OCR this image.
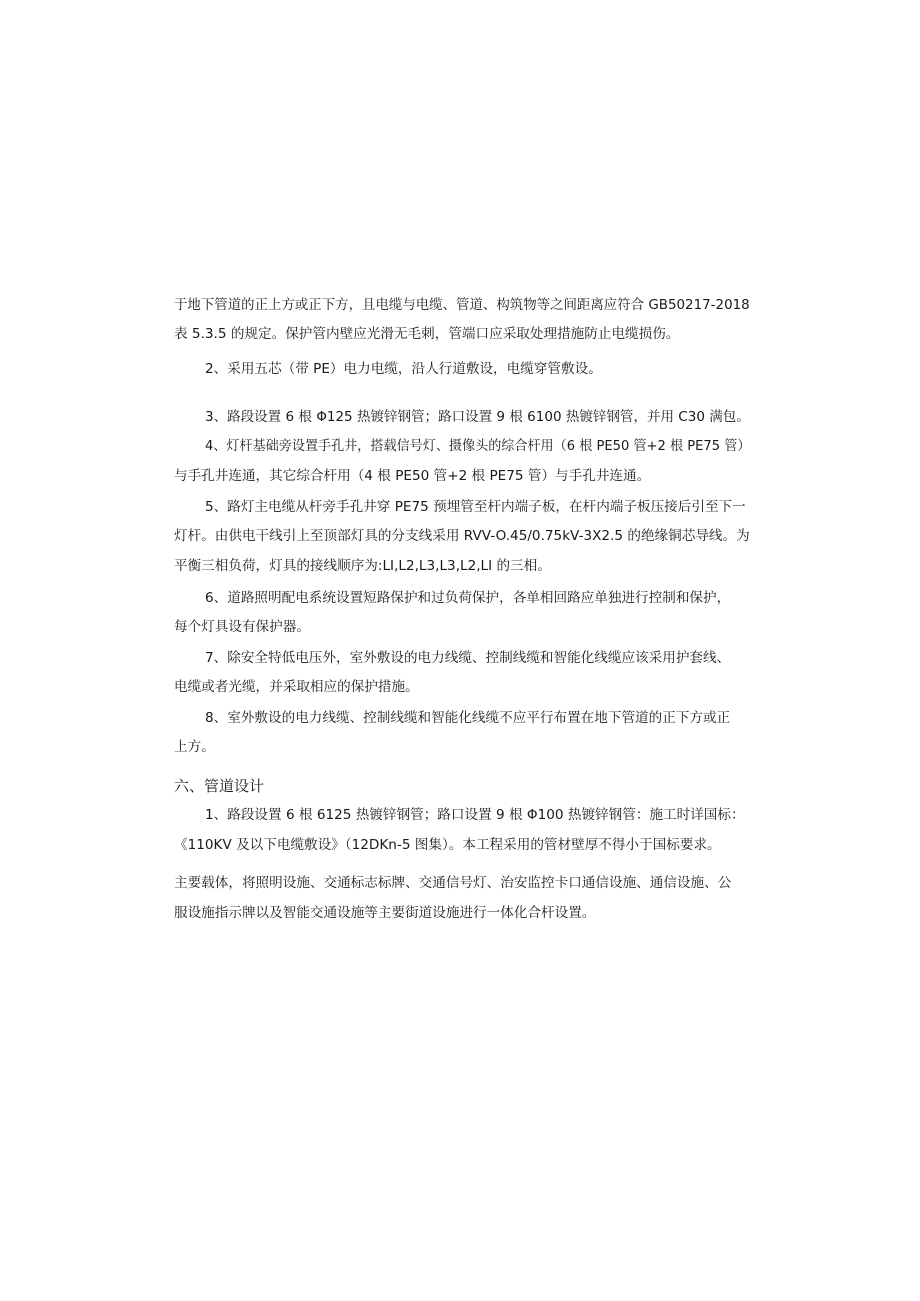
于地下管道的正上方或正下方，且电缆与电缆、管道、构筑物等之间距离应符合 GB50217-2018
表 5.3.5 的规定。保护管内壁应光滑无毛刺，管端口应采取处理措施防止电缆损伤。
2、采用五芯（带 PE）电力电缆，沿人行道敷设，电缆穿管敷设。
3、路段设置 6 根 Φ125 热镀锌钢管；路口设置 9 根 6100 热镀锌钢管，并用 C30 满包。
4、灯杆基础旁设置手孔井，搭载信号灯、摄像头的综合杆用（6 根 PE50 管+2 根 PE75 管）
与手孔井连通，其它综合杆用（4 根 PE50 管+2 根 PE75 管）与手孔井连通。
5、路灯主电缆从杆旁手孔井穿 PE75 预埋管至杆内端子板，在杆内端子板压接后引至下一
灯杆。由供电干线引上至顶部灯具的分支线采用 RVV-O.45/0.75kV-3X2.5 的绝缘铜芯导线。为
平衡三相负荷，灯具的接线顺序为:LI,L2,L3,L3,L2,LI 的三相。
6、道路照明配电系统设置短路保护和过负荷保护，各单相回路应单独进行控制和保护，
每个灯具设有保护器。
7、除安全特低电压外，室外敷设的电力线缆、控制线缆和智能化线缆应该采用护套线、
电缆或者光缆，并采取相应的保护措施。
8、室外敷设的电力线缆、控制线缆和智能化线缆不应平行布置在地下管道的正下方或正
上方。
六、管道设计
1、路段设置 6 根 6125 热镀锌钢管；路口设置 9 根 Φ100 热镀锌钢管：施工时详国标：
《110KV 及以下电缆敷设》（12DKn-5 图集）。本工程采用的管材壁厚不得小于国标要求。
主要载体，将照明设施、交通标志标牌、交通信号灯、治安监控卡口通信设施、通信设施、公
服设施指示牌以及智能交通设施等主要街道设施进行一体化合杆设置。
